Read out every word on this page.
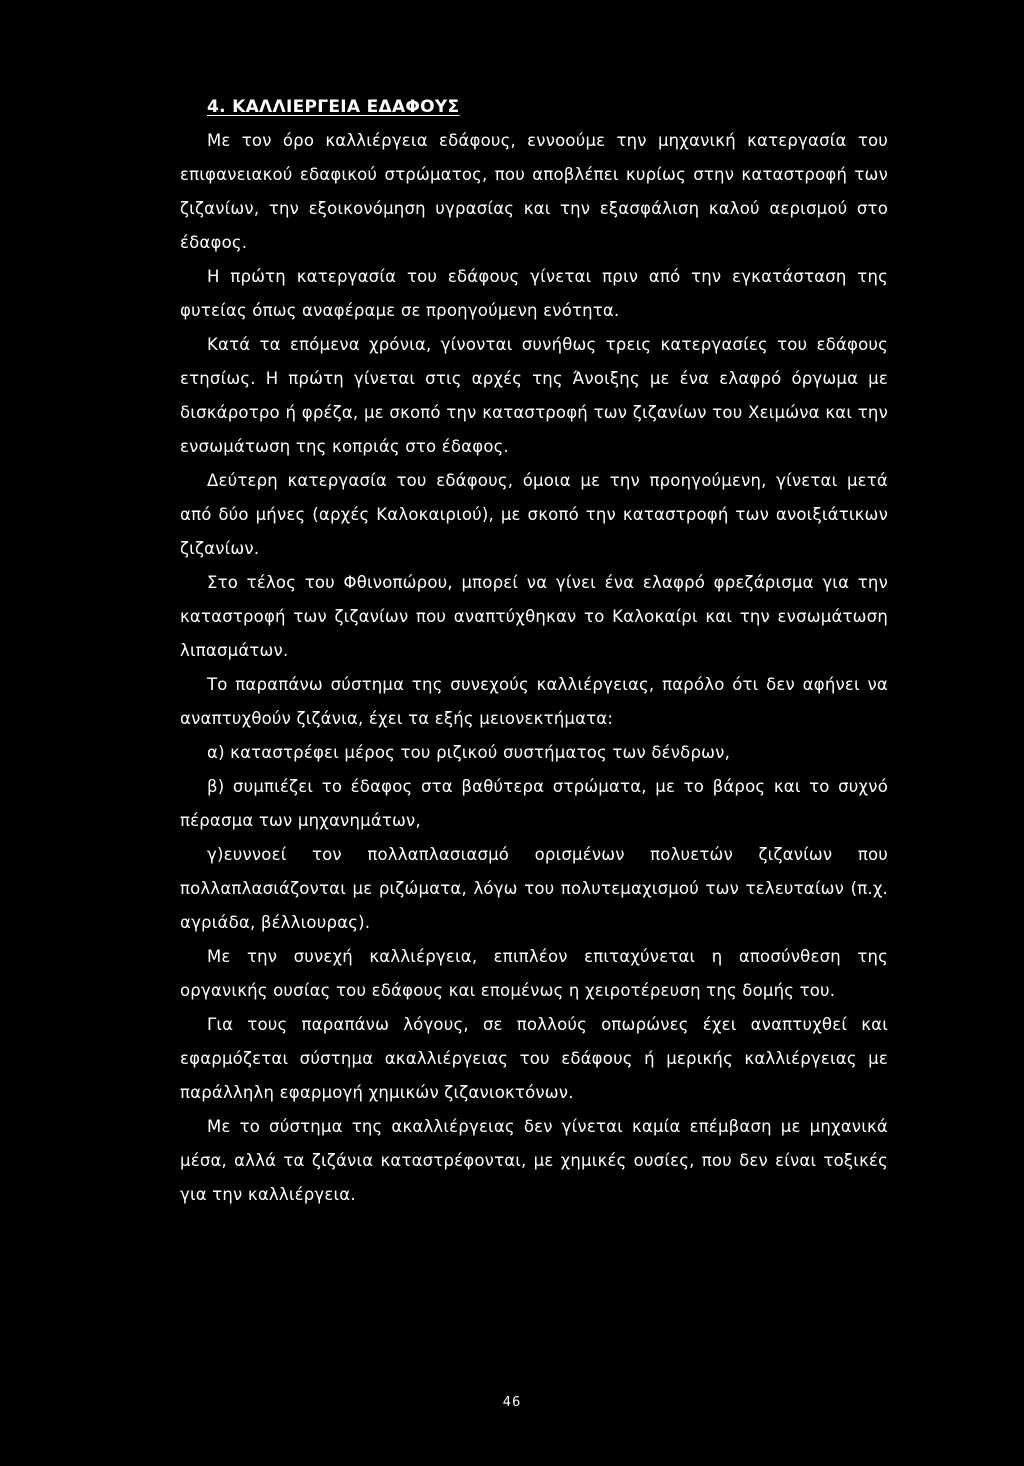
4. ΚΑΛΛΙΕΡΓΕΙΑ ΕΔΑΦΟΥΣ

Με τον όρο καλλιέργεια εδάφους, εννοούμε την μηχανική κατεργασία του επιφανειακού εδαφικού στρώματος, που αποβλέπει κυρίως στην καταστροφή των ζιζανίων, την εξοικονόμηση υγρασίας και την εξασφάλιση καλού αερισμού στο έδαφος.

Η πρώτη κατεργασία του εδάφους γίνεται πριν από την εγκατάσταση της φυτείας όπως αναφέραμε σε προηγούμενη ενότητα.

Κατά τα επόμενα χρόνια, γίνονται συνήθως τρεις κατεργασίες του εδάφους ετησίως. Η πρώτη γίνεται στις αρχές της Άνοιξης με ένα ελαφρό όργωμα με δισκάροτρο ή φρέζα, με σκοπό την καταστροφή των ζιζανίων του Χειμώνα και την ενσωμάτωση της κοπριάς στο έδαφος.

Δεύτερη κατεργασία του εδάφους, όμοια με την προηγούμενη, γίνεται μετά από δύο μήνες (αρχές Καλοκαιριού), με σκοπό την καταστροφή των ανοιξιάτικων ζιζανίων.

Στο τέλος του Φθινοπώρου, μπορεί να γίνει ένα ελαφρό φρεζάρισμα για την καταστροφή των ζιζανίων που αναπτύχθηκαν το Καλοκαίρι και την ενσωμάτωση λιπασμάτων.

Το παραπάνω σύστημα της συνεχούς καλλιέργειας, παρόλο ότι δεν αφήνει να αναπτυχθούν ζιζάνια, έχει τα εξής μειονεκτήματα:

α) καταστρέφει μέρος του ριζικού συστήματος των δένδρων,

β) συμπιέζει το έδαφος στα βαθύτερα στρώματα, με το βάρος και το συχνό πέρασμα των μηχανημάτων,

γ)ευννοεί τον πολλαπλασιασμό ορισμένων πολυετών ζιζανίων που πολλαπλασιάζονται με ριζώματα, λόγω του πολυτεμαχισμού των τελευταίων (π.χ. αγριάδα, βέλλιουρας).

Με την συνεχή καλλιέργεια, επιπλέον επιταχύνεται η αποσύνθεση της οργανικής ουσίας του εδάφους και επομένως η χειροτέρευση της δομής του.

Για τους παραπάνω λόγους, σε πολλούς οπωρώνες έχει αναπτυχθεί και εφαρμόζεται σύστημα ακαλλιέργειας του εδάφους ή μερικής καλλιέργειας με παράλληλη εφαρμογή χημικών ζιζανιοκτόνων.

Με το σύστημα της ακαλλιέργειας δεν γίνεται καμία επέμβαση με μηχανικά μέσα, αλλά τα ζιζάνια καταστρέφονται, με χημικές ουσίες, που δεν είναι τοξικές για την καλλιέργεια.

46
